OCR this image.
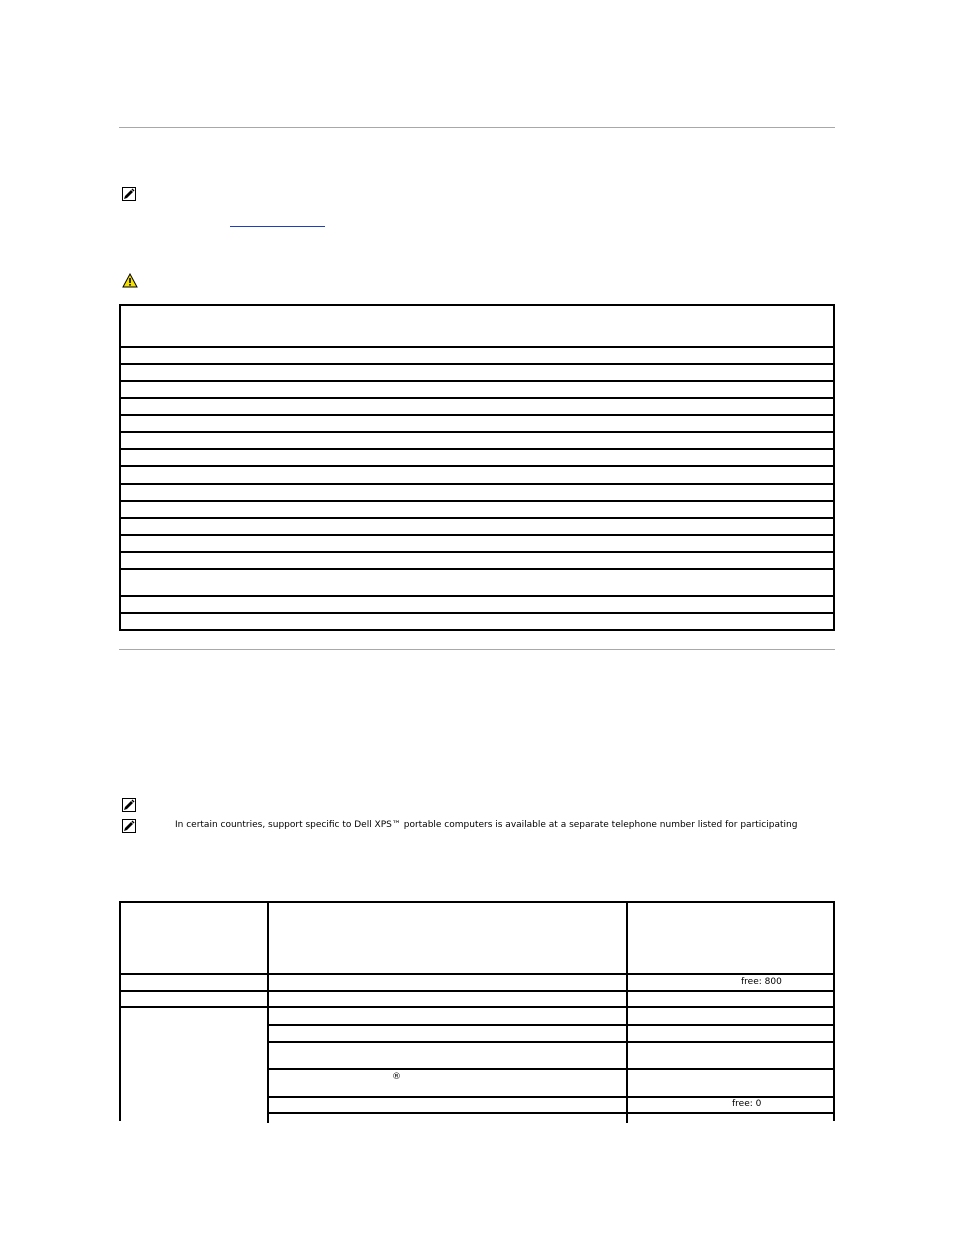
In certain countries, support specific to Dell XPS™ portable computers is available at a separate telephone number listed for participating
free: 800
®
free: 0
